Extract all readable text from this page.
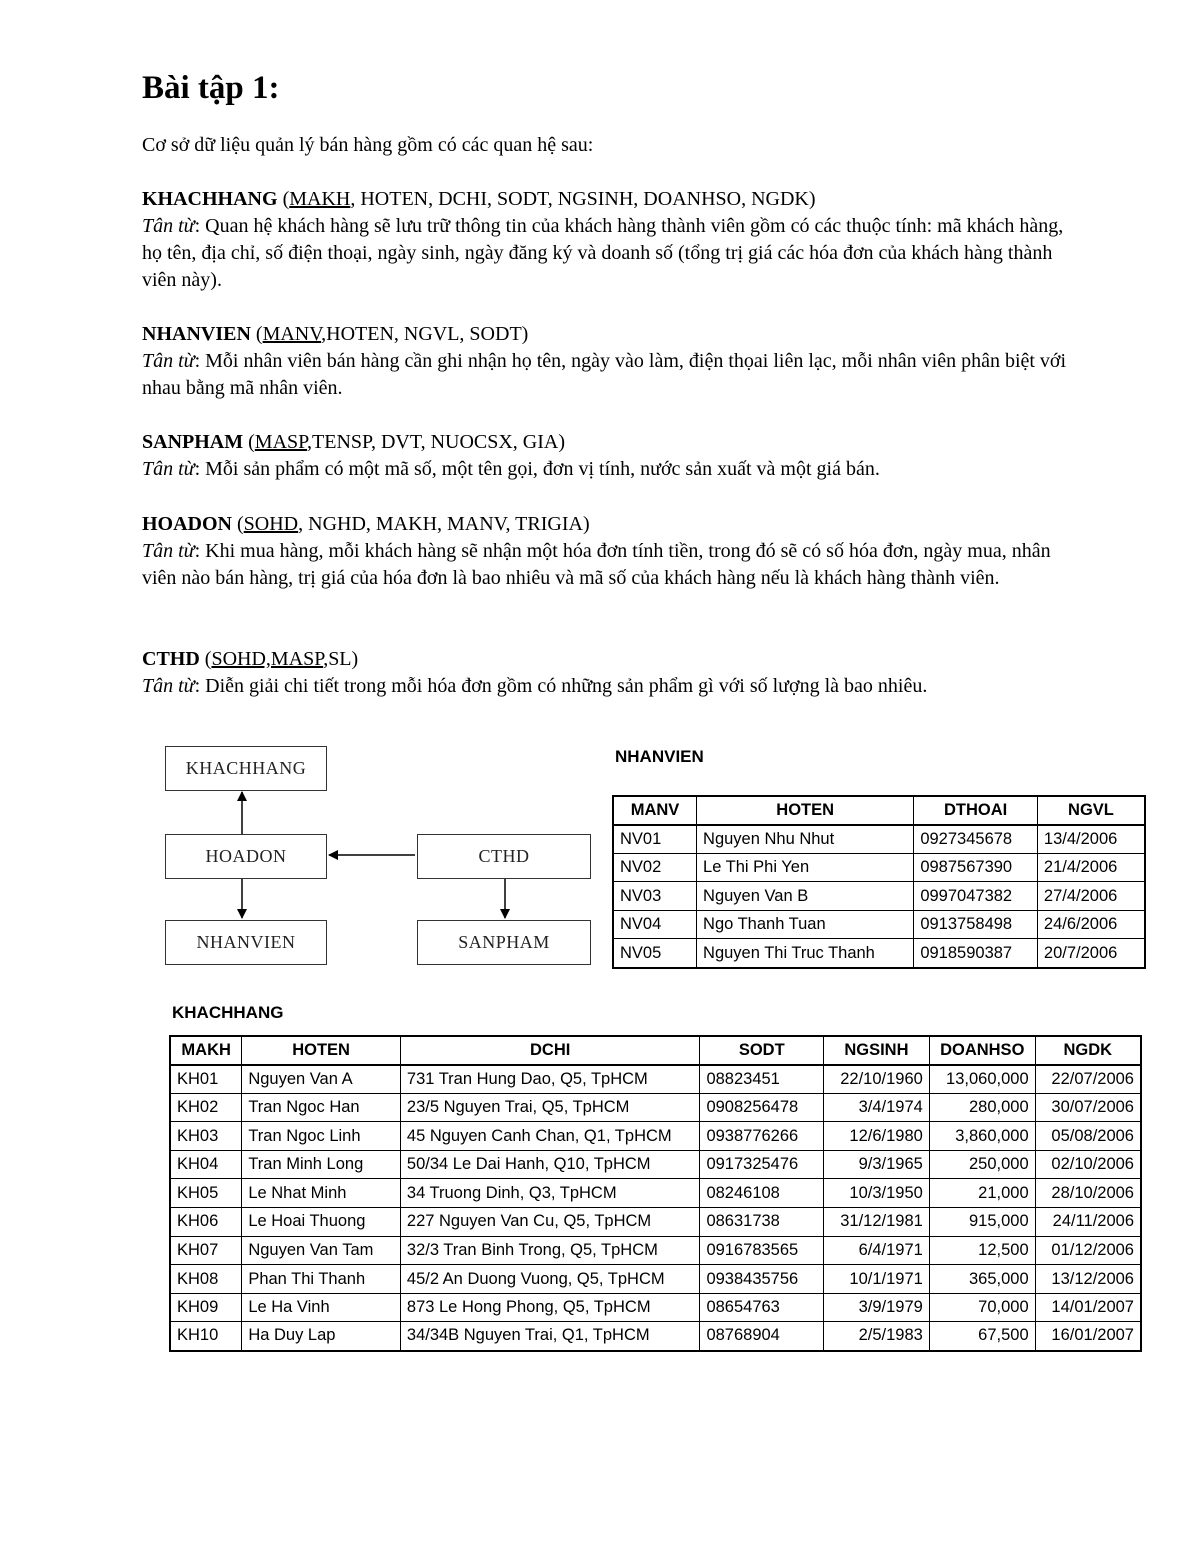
Bài tập 1:

Cơ sở dữ liệu quản lý bán hàng gồm có các quan hệ sau:

KHACHHANG (MAKH, HOTEN, DCHI, SODT, NGSINH, DOANHSO, NGDK)

Tân từ: Quan hệ khách hàng sẽ lưu trữ thông tin của khách hàng thành viên gồm có các thuộc tính: mã khách hàng, họ tên, địa chỉ, số điện thoại, ngày sinh, ngày đăng ký và doanh số (tổng trị giá các hóa đơn của khách hàng thành viên này).

NHANVIEN (MANV,HOTEN, NGVL, SODT)

Tân từ: Mỗi nhân viên bán hàng cần ghi nhận họ tên, ngày vào làm, điện thọai liên lạc, mỗi nhân viên phân biệt với nhau bằng mã nhân viên.

SANPHAM (MASP,TENSP, DVT, NUOCSX, GIA)

Tân từ: Mỗi sản phẩm có một mã số, một tên gọi, đơn vị tính, nước sản xuất và một giá bán.

HOADON (SOHD, NGHD, MAKH, MANV, TRIGIA)

Tân từ: Khi mua hàng, mỗi khách hàng sẽ nhận một hóa đơn tính tiền, trong đó sẽ có số hóa đơn, ngày mua, nhân viên nào bán hàng, trị giá của hóa đơn là bao nhiêu và mã số của khách hàng nếu là khách hàng thành viên.

CTHD (SOHD,MASP,SL)

Tân từ: Diễn giải chi tiết trong mỗi hóa đơn gồm có những sản phẩm gì với số lượng là bao nhiêu.

KHACHHANG
HOADON	CTHD
NHANVIEN	SANPHAM
NHANVIEN
MANV	HOTEN	DTHOAI	NGVL
NV01	Nguyen Nhu Nhut	0927345678	13/4/2006
NV02	Le Thi Phi Yen	0987567390	21/4/2006
NV03	Nguyen Van B	0997047382	27/4/2006
NV04	Ngo Thanh Tuan	0913758498	24/6/2006
NV05	Nguyen Thi Truc Thanh	0918590387	20/7/2006
KHACHHANG
MAKH	HOTEN	DCHI	SODT	NGSINH	DOANHSO	NGDK
KH01	Nguyen Van A	731 Tran Hung Dao, Q5, TpHCM	08823451	22/10/1960	13,060,000	22/07/2006
KH02	Tran Ngoc Han	23/5 Nguyen Trai, Q5, TpHCM	0908256478	3/4/1974	280,000	30/07/2006
KH03	Tran Ngoc Linh	45 Nguyen Canh Chan, Q1, TpHCM	0938776266	12/6/1980	3,860,000	05/08/2006
KH04	Tran Minh Long	50/34 Le Dai Hanh, Q10, TpHCM	0917325476	9/3/1965	250,000	02/10/2006
KH05	Le Nhat Minh	34 Truong Dinh, Q3, TpHCM	08246108	10/3/1950	21,000	28/10/2006
KH06	Le Hoai Thuong	227 Nguyen Van Cu, Q5, TpHCM	08631738	31/12/1981	915,000	24/11/2006
KH07	Nguyen Van Tam	32/3 Tran Binh Trong, Q5, TpHCM	0916783565	6/4/1971	12,500	01/12/2006
KH08	Phan Thi Thanh	45/2 An Duong Vuong, Q5, TpHCM	0938435756	10/1/1971	365,000	13/12/2006
KH09	Le Ha Vinh	873 Le Hong Phong, Q5, TpHCM	08654763	3/9/1979	70,000	14/01/2007
KH10	Ha Duy Lap	34/34B Nguyen Trai, Q1, TpHCM	08768904	2/5/1983	67,500	16/01/2007
